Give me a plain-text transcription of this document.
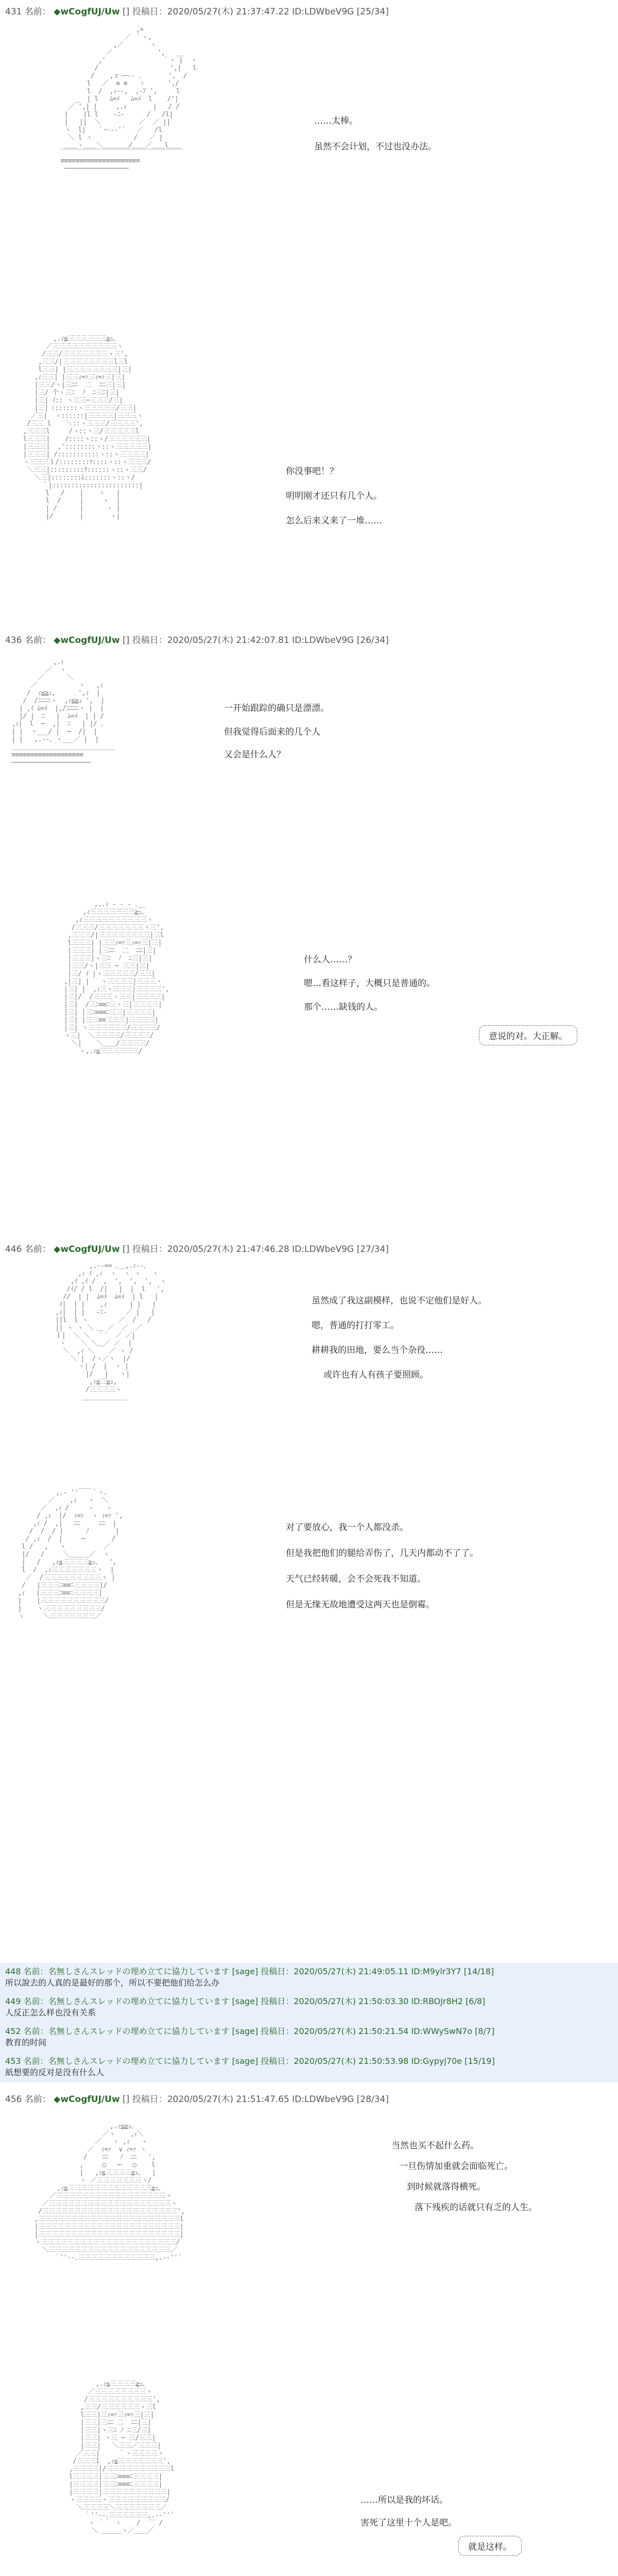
431 名前： ◆wCogfUJ/Uw [] 投稿日：2020/05/27(木) 21:37:47.22 ID:LDWbeV9G [25/34]
,>
／ ｀ヽ,
,／       ヽ
／            ',   __
,'               ｀ヽ |  ヽ
/                   ',|   l
/    ,ｒ‐─‐- ､       ',  /
l   ／  ≡ ≡   ヽ      ',/
l  /  ,ｨ‐-,  ,‐ｱ ',     l
_  | l   ﾑ=ﾒ   ﾑ=ﾒ  l    /'|
／ ',| |     ,.ｨ       |   / /
|    |l l    ‐ﾆ‐      /   /l|
|   ||  ＼          ／  ／ ||
ヽ  l|   ｀ｰ--‐'´   ／   /l
＼ l ヽ           /   ／ |
＿＿ヽ＿＿＼＿＿＿＿/＿＿／＿＿l＿＿
￣￣￣￣￣￣￣￣￣￣￣￣￣￣￣￣￣￣￣
≡≡≡≡≡≡≡≡≡≡≡≡≡≡≡≡≡≡≡≡≡
─────────────────
……太棒。
虽然不会计划，不过也没办法。
,.ｨ≦三三三三三三≧ｭ、
／三三三三三三三三三三ヽ
/三三/三三三三三三三ヽ三',
,三三/|三三三三三三三三l三l
l三三| |三三三三三三三三|三|
,ｨ三三| |三三ｨ=ｧ三ｨ=ｧ三|三|
|三三/ヽ|三ﾆﾆ  二  ﾆﾆ三|三|
|三/ 个ヽ三ﾆ  ﾉ  ﾆ三ﾆ|三|
|三| ｲ:: ヽ三三─三三三/三|
|三|〈::::::ヽ三三三三三/三三|
／三|  ヽ::::::|三三三三|三三三ヽ
/三三 l    ＼::ヽ三三三/三三三三',
,三三三l     /ヽ::ヽ三/三三三三三l
l三三三|    /::::ヽ::ヽ/三三三三三三|
|三三三|  ,'::::::::ヽ::ヽ三三三三三|
|三三三| /:::::::::::ヽ::ヽ三三三三|
ヽ三三三ｌ/::::::::ﾏ::::ヽ::ヽ三三三/
＼三三|:::::::::ｸ::::::ヽ::ヽ三三/
＼三|::::::::ﾑ:::::::ヽ::ヽ/
｀|:::::::::::::::::::::::|
l   /    |    ヽ   |
l  /     |     ヽ  |
| /      |      ヽ |
|/       |       ヽ|
你没事吧！？
明明刚才还只有几个人。
怎么后来又来了一堆……
436 名前： ◆wCogfUJ/Uw [] 投稿日：2020/05/27(木) 21:42:07.81 ID:LDWbeV9G [26/34]
,.ｨ
／  ヽ
／      ＼
／           ヽ   ,ｨ
/  ｨ≦≧ｭ,      ',ｨ  |
/  /ﾆﾆﾆﾆヽ  ,ｨ≦≧ｭ ',  |
| ,ｲ ﾑ=ﾒ  |,/ﾆﾆﾆﾆヽ |  |
|/ |  ﾆ   |  ﾑ=ﾒ  | | /
,ｨ|  l  ─  ,|  ﾆ   | |/ 、
| |  ヽ___/ |  ─  /|  |
| |   ,.-‐、ヽ___／ |  |
＿＿＿＿＿＿＿＿＿＿＿＿＿＿＿＿
≡≡≡≡≡≡≡≡≡≡≡≡≡≡≡≡≡≡≡
─────────────────────
一开始跟踪的确只是漂漂。
但我觉得后面来的几个人
又会是什么人？
,..ｨ ‐ ‐ - ､__
,ｨ三三三三三三三≧ｭ、
,ｨ三三三三三三三三三三ヽ
/三三三/三三三三三三三ヽ三',
,三三三/|三三三三三三三三|三l
l三三三| |三三ｨ=ｧ三ｨ=ｧ三|三|
|三三三| |三ﾆﾆ  二  ﾆﾆ|三|
|三三三|ヽ三ﾆ  ﾉ  ﾆ三|三|
|三三/ヽ|三三 ─ 三三|三|
|三/ ｲ |ヽ三三三三三/三三|
,|三| |   ヽ三三三三|三三三ヽ
|三| |  ,ｨ三ヽ三三三|三三三三',
|三|/  /三三三ヽ三三|三三三三|
|三|  /三ﾆ≡≡ﾆ三ヽ三|三三三三|
|三| |三ﾆ≡≡≡ﾆ三三|三三三三|
|三| |三三≡≡三三三|三三三三|
|三| ヽ三三三三三三/三三三三/
ヽ三|  ＼三三三三/三三三三/
＼|    ＼＿＿/三三三三/
ヽ,.ｨ≦三三三三三三/
什么人……？
嗯…看这样子，大概只是普通的。
那个……缺钱的人。
意说的对。大正解。
446 名前： ◆wCogfUJ/Uw [] 投稿日：2020/05/27(木) 21:47:46.28 ID:LDWbeV9G [27/34]
,.-‐== ､＿,.ｨ‐-、
,ｨ ｲ ,ｨ  ヽ  ヽ ヽ   ヽ
,ｲ ,ｲ /  ,  ',  ',  ',  ヽ
/ｲ/ / l  /|   |  |  l   ',
//  | |  ﾑ=ﾒ  ﾑ=ﾒ  | l   |
ｲ|  | |    ,ｨ      | |   |
,ｨ|  | |   ‐ﾆ‐     ／ |   |
||l  l ヽ        ／  /   /
|| ヽ ヽ ＼ ＿ ／  ／  ／
ｌ|  ＼ ＼  ｀´  ／ ／|
ヽ    ＼ ＼＿／ ／  |
＼  ,ｨ ＼    ／ ヽ /
＼ |  /ヽ／ヽ  |/
ヽ| /  |  ヽ |
|/   |   ヽ|
,ｨ≦三≧ｭ,
/三三三三ヽ
＿＿＿＿＿＿＿
虽然成了我这副模样，也说不定他们是好人。
嗯，普通的打打零工。
耕耕我的田地，要么当个杂役……
或许也有人有孩子要照顾。
,.‐ ''￣￣｀ヽ､
／    ,ｨ   ヽ  ＼
／  ,ｨ /     ヽ   ヽ
/ ,ｨ  |/  ｨ=ｧ  ヽ ｨ=ｧ ',
,ｨ /  ,|   ﾆﾆ     ﾆﾆ  |
/  /  / |      ﾉ       |
/ ,ｨ  /  |     ─       /
l /   ,   ヽ          ／
|/   /     ＼＿＿＿／  ヽ
|   /   ,ｨ≦三三三三≧ｭ、  ',
l  /  ,ｨ三三三三三三三ヽ  |
／  /三三三三三三三三三ヽ |
/   |三三三ﾆ≡≡ﾆ三三三三|/
,ｨ   |三三三ﾆ≡≡ﾆ三三三三|
|    |三三三三三三三三三三/
|    ヽ三三三三三三三三三/
ヽ     ＼三三三三三三三／
对了要放心，我一个人都没杀。
但是我把他们的腿给弄伤了，几天内都动不了了。
天气已经转暖，会不会死我不知道。
但是无缘无故地遭受这两天也是倒霉。
448 名前：名無しさんスレッドの埋め立てに協力しています [sage] 投稿日：2020/05/27(木) 21:49:05.11 ID:M9ylr3Y7 [14/18]
所以說去的人真的是最好的那个，所以不要把他们给怎么办
449 名前：名無しさんスレッドの埋め立てに協力しています [sage] 投稿日：2020/05/27(木) 21:50:03.30 ID:RBOJr8H2 [6/8]
人反正怎么样也没有关系
452 名前：名無しさんスレッドの埋め立てに協力しています [sage] 投稿日：2020/05/27(木) 21:50:21.54 ID:WWySwN7o [8/7]
教育的时间
453 名前：名無しさんスレッドの埋め立てに協力しています [sage] 投稿日：2020/05/27(木) 21:50:53.98 ID:Gypyj70e [15/19]
紙想要的反对是没有什么人
456 名前： ◆wCogfUJ/Uw [] 投稿日：2020/05/27(木) 21:51:47.65 ID:LDWbeV9G [28/34]
,.ｨ≦≧ｭ、
／ヽ    ,ｨ＼
／   ヽ ,ｨ   ヽ
／  ｨ=ｧ  ∨ ｨ=ｧ ヽ
/    ﾆﾆ   ﾉ  ﾆﾆ   ',
,     ○   ─   ○    l
|   ,ｨ≦三三三三≧ｭ、  |
ヽ ／三三三三三三三ヽ/
,ｨ≦三三三三三三三三三三三三三≧ｭ、
／三三三三三三三三三三三三三三三三三ヽ
／三三三三三三三三三三三三三三三三三三三ヽ
/三三三三三三三三三三三三三三三三三三三三三',
,三三三三三三三三三三三三三三三三三三三三三三l
|三三三三三三三三三三三三三三三三三三三三三三|
|三三三三三三三三三三三三三三三三三三三三三三|
ヽ三三三三三三三三三三三三三三三三三三三三三/
＼三三三三三三三三三三三三三三三三三三三／
｀''‐-､三三三三三三三三三三三三,.-‐''´
当然也买不起什么药。
一旦伤情加重就会面临死亡。
到时候就落得横死。
落下残疾的话就只有乏的人生。
,.ｨ≦三三三三≧ｭ、
／三三三三三三三三ヽ
/三三三三三三三三三三',
,三三/三三三三三三ヽ三l
l三三|三ｨ=ｧ三ｨ=ｧ三|三|
|三三|三ﾆﾆ 二  ﾆﾆ|三|
|三三|ヽ三ﾆ ﾉ ﾆ三/三|
|三三| ヽ三 ─ 三/三三|
|三三|   ＼三三／三三三|
／三三|     ｀ヽ三三三三ヽ
/三三三l  ,ｨ≦三三三三三三三',
,三三三三|/三三三三三三三三三三l
l三三三三|三三ﾆ≡≡≡ﾆ三三三三|
|三三三三|三三ﾆ≡≡≡ﾆ三三三三|
|三三三三|三三三三三三三三三三|
ヽ三三三三ヽ三三三三三三三三三/
＼三三三三＼三三三三三三三／
｀''‐-､三三三三三三,.-‐''´
ヽ ｀｀ ヽ    /  ´´ /
＼ ＿＿＿ヽ／＿＿／
……所以是我的坏话。
害死了这里十个人是吧。
就是这样。
